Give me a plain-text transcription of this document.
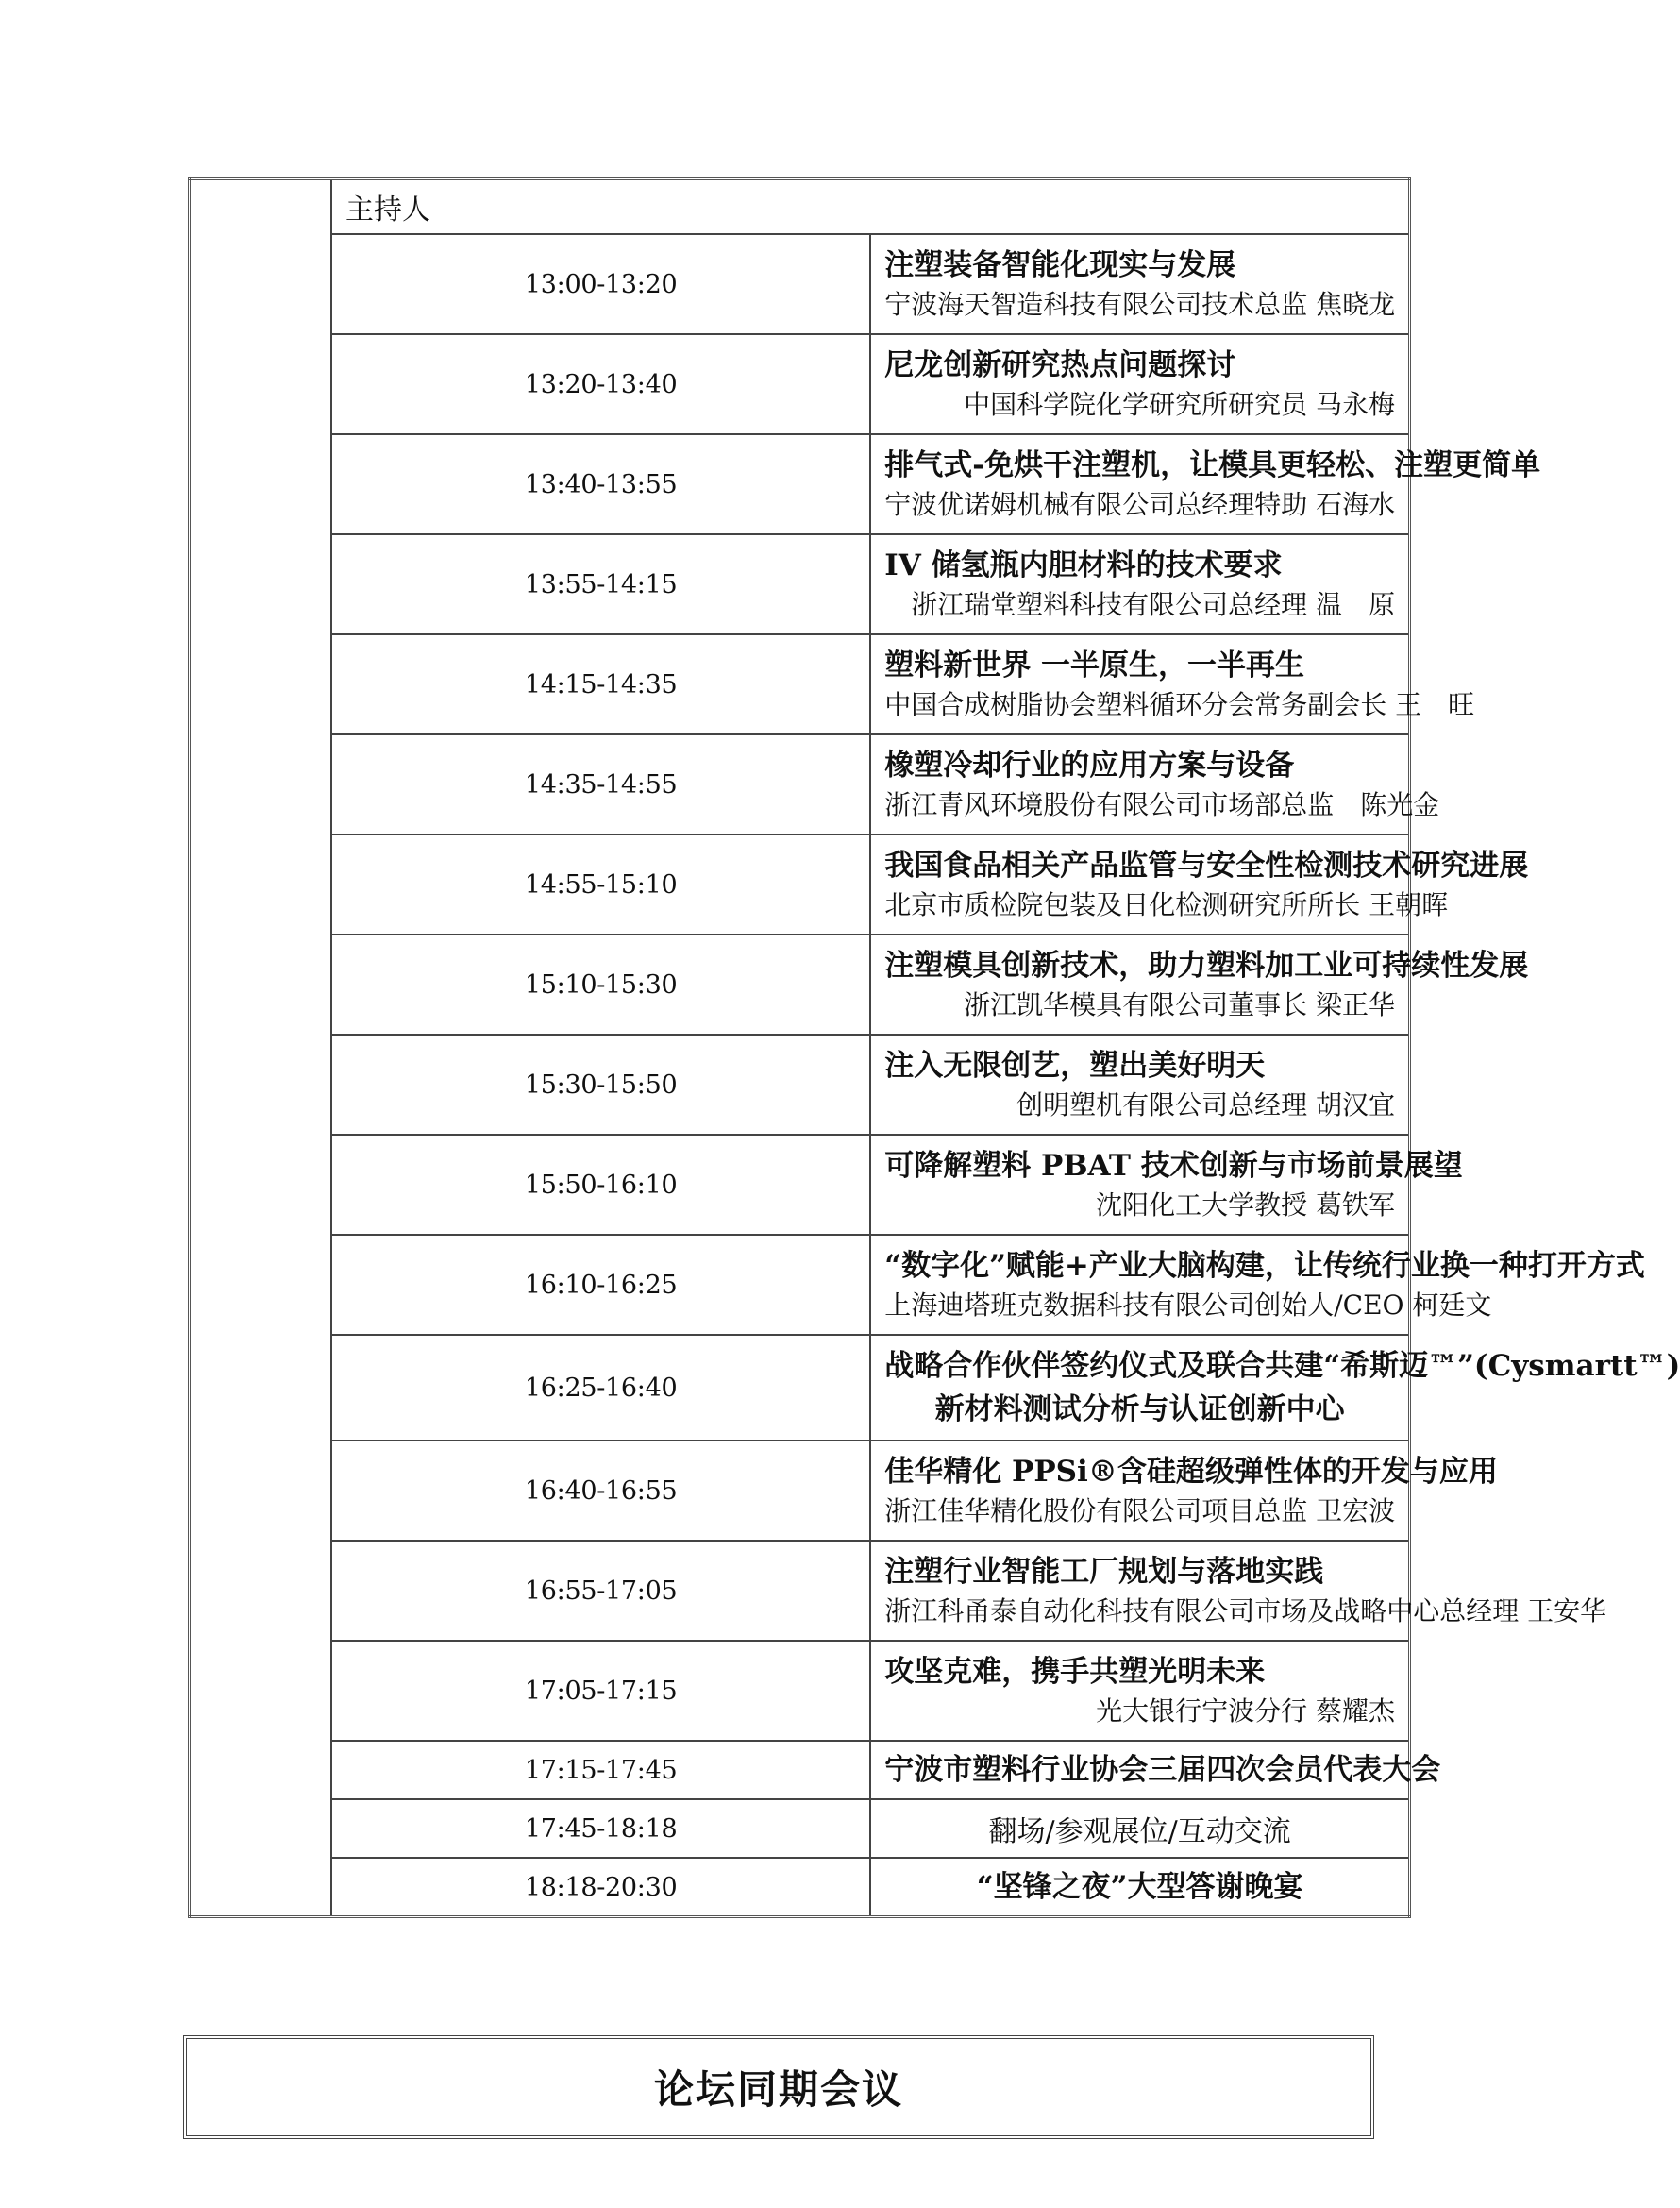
	主持人	
	13:00-13:20	注塑装备智能化现实与发展
宁波海天智造科技有限公司技术总监 焦晓龙

	13:20-13:40	尼龙创新研究热点问题探讨
中国科学院化学研究所研究员 马永梅

	13:40-13:55	排气式-免烘干注塑机，让模具更轻松、注塑更简单
宁波优诺姆机械有限公司总经理特助 石海水

	13:55-14:15	IV 储氢瓶内胆材料的技术要求
浙江瑞堂塑料科技有限公司总经理 温　原

	14:15-14:35	塑料新世界 一半原生，一半再生
中国合成树脂协会塑料循环分会常务副会长 王　旺

	14:35-14:55	橡塑冷却行业的应用方案与设备
浙江青风环境股份有限公司市场部总监　陈光金

	14:55-15:10	我国食品相关产品监管与安全性检测技术研究进展
北京市质检院包装及日化检测研究所所长 王朝晖

	15:10-15:30	注塑模具创新技术，助力塑料加工业可持续性发展
浙江凯华模具有限公司董事长 梁正华

	15:30-15:50	注入无限创艺，塑出美好明天
创明塑机有限公司总经理 胡汉宜

	15:50-16:10	可降解塑料 PBAT 技术创新与市场前景展望
沈阳化工大学教授 葛铁军

	16:10-16:25	“数字化”赋能+产业大脑构建，让传统行业换一种打开方式
上海迪塔班克数据科技有限公司创始人/CEO 柯廷文

	16:25-16:40	战略合作伙伴签约仪式及联合共建“希斯迈™”(Cysmartt™)
新材料测试分析与认证创新中心

	16:40-16:55	佳华精化 PPSi®含硅超级弹性体的开发与应用
浙江佳华精化股份有限公司项目总监 卫宏波

	16:55-17:05	注塑行业智能工厂规划与落地实践
浙江科甬泰自动化科技有限公司市场及战略中心总经理 王安华

	17:05-17:15	攻坚克难，携手共塑光明未来
光大银行宁波分行 蔡耀杰

	17:15-17:45	宁波市塑料行业协会三届四次会员代表大会

	17:45-18:18	翻场/参观展位/互动交流

	18:18-20:30	“坚锋之夜”大型答谢晚宴
论坛同期会议
